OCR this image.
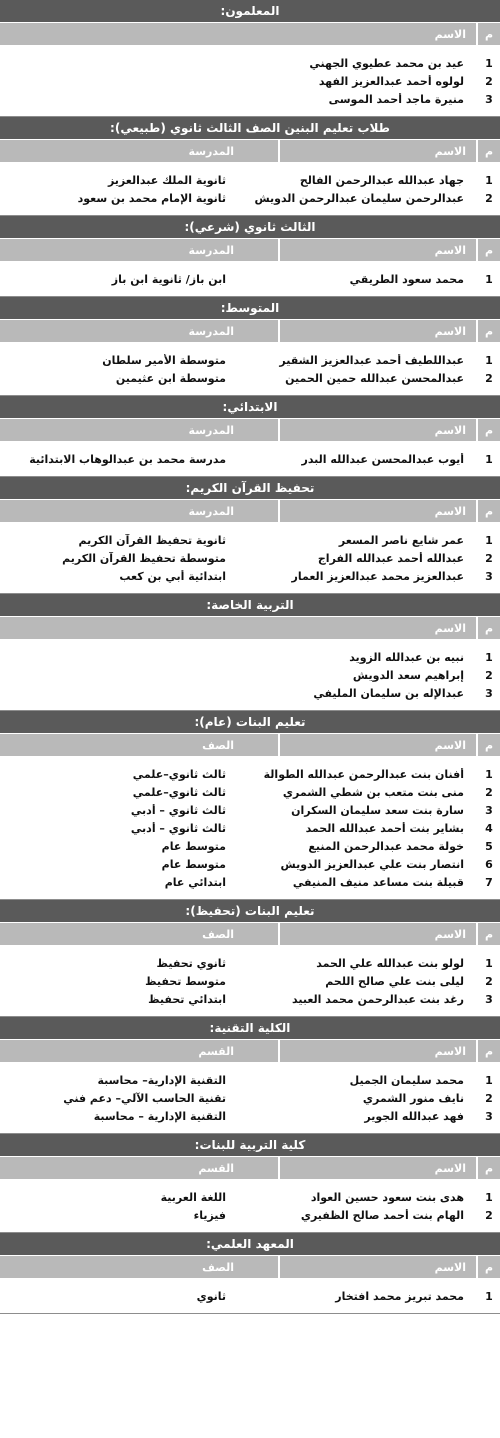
المعلمون:
م
الاسم
1
عيد بن محمد عطيوي الجهني
2
لولوه أحمد عبدالعزيز الفهد
3
منيرة ماجد أحمد الموسى
طلاب تعليم البنين الصف الثالث ثانوي (طبيعي):
م
الاسم
المدرسة
1
جهاد عبدالله عبدالرحمن الفالح
ثانوية الملك عبدالعزيز
2
عبدالرحمن سليمان عبدالرحمن الدويش
ثانوية الإمام محمد بن سعود
الثالث ثانوي (شرعي):
م
الاسم
المدرسة
1
محمد سعود الطريقي
ابن باز/ ثانوية ابن باز
المتوسط:
م
الاسم
المدرسة
1
عبداللطيف أحمد عبدالعزيز الشقير
متوسطة الأمير سلطان
2
عبدالمحسن عبدالله حمين الحمين
متوسطة ابن عثيمين
الابتدائي:
م
الاسم
المدرسة
1
أيوب عبدالمحسن عبدالله البدر
مدرسة محمد بن عبدالوهاب الابتدائية
تحفيظ القرآن الكريم:
م
الاسم
المدرسة
1
عمر شايع ناصر المسعر
ثانوية تحفيظ القرآن الكريم
2
عبدالله أحمد عبدالله الفراج
متوسطة تحفيظ القرآن الكريم
3
عبدالعزيز محمد عبدالعزيز العمار
ابتدائية أبي بن كعب
التربية الخاصة:
م
الاسم
1
نبيه بن عبدالله الزويد
2
إبراهيم سعد الدويش
3
عبدالإله بن سليمان المليفي
تعليم البنات (عام):
م
الاسم
الصف
1
أفنان بنت عبدالرحمن عبدالله الطوالة
ثالث ثانوي–علمي
2
منى بنت متعب بن شطي الشمري
ثالث ثانوي–علمي
3
سارة بنت سعد سليمان السكران
ثالث ثانوي – أدبي
4
بشاير بنت أحمد عبدالله الحمد
ثالث ثانوي – أدبي
5
خولة محمد عبدالرحمن المنيع
متوسط عام
6
انتصار بنت علي عبدالعزيز الدويش
متوسط عام
7
قبيلة بنت مساعد منيف المنيفي
ابتدائي عام
تعليم البنات (تحفيظ):
م
الاسم
الصف
1
لولو بنت عبدالله علي الحمد
ثانوي تحفيظ
2
ليلى بنت علي صالح اللحم
متوسط تحفيظ
3
رغد بنت عبدالرحمن محمد العبيد
ابتدائي تحفيظ
الكلية التقنية:
م
الاسم
القسم
1
محمد سليمان الجميل
التقنية الإدارية– محاسبة
2
نايف منور الشمري
تقنية الحاسب الآلي– دعم فني
3
فهد عبدالله الجوير
التقنية الإدارية – محاسبة
كلية التربية للبنات:
م
الاسم
القسم
1
هدى بنت سعود حسين العواد
اللغة العربية
2
الهام بنت أحمد صالح الظفيري
فيزياء
المعهد العلمي:
م
الاسم
الصف
1
محمد تبريز محمد افتخار
ثانوي
